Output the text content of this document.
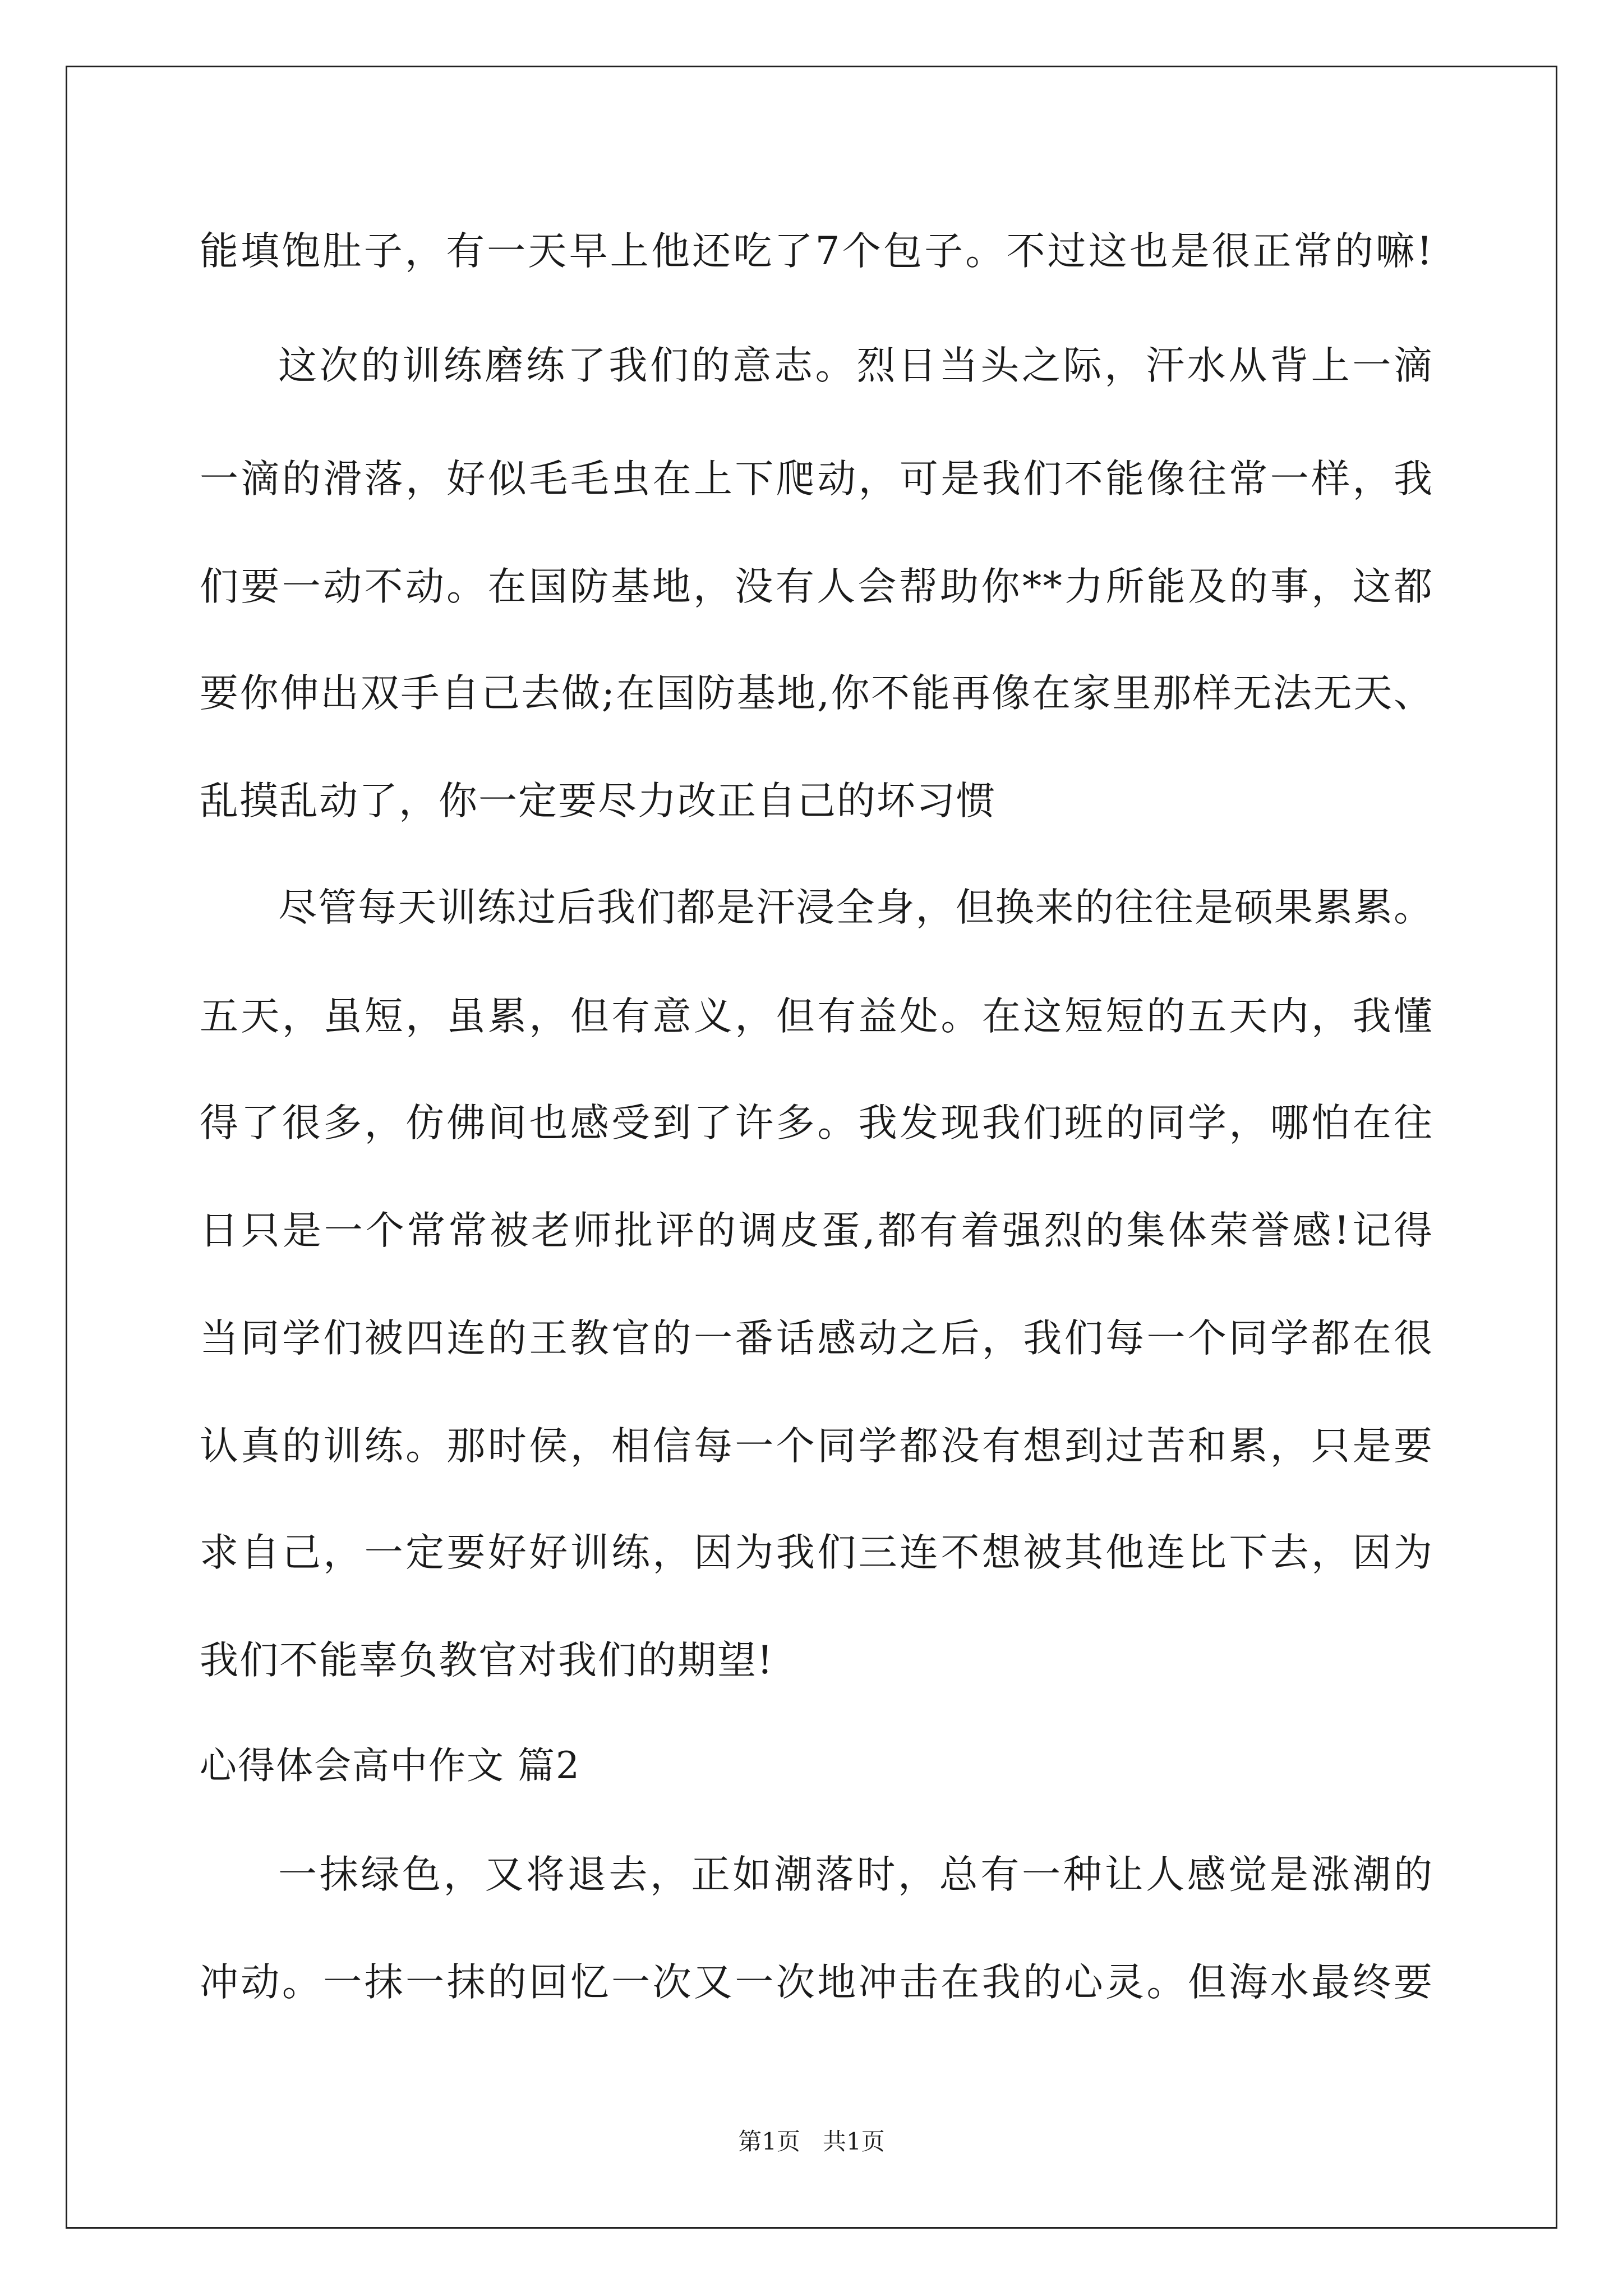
能填饱肚子，有一天早上他还吃了7个包子。不过这也是很正常的嘛!
这次的训练磨练了我们的意志。烈日当头之际，汗水从背上一滴
一滴的滑落，好似毛毛虫在上下爬动，可是我们不能像往常一样，我
们要一动不动。在国防基地，没有人会帮助你**力所能及的事，这都
要你伸出双手自己去做;在国防基地,你不能再像在家里那样无法无天、
乱摸乱动了，你一定要尽力改正自己的坏习惯
尽管每天训练过后我们都是汗浸全身，但换来的往往是硕果累累。
五天，虽短，虽累，但有意义，但有益处。在这短短的五天内，我懂
得了很多，仿佛间也感受到了许多。我发现我们班的同学，哪怕在往
日只是一个常常被老师批评的调皮蛋,都有着强烈的集体荣誉感!记得
当同学们被四连的王教官的一番话感动之后，我们每一个同学都在很
认真的训练。那时侯，相信每一个同学都没有想到过苦和累，只是要
求自己，一定要好好训练，因为我们三连不想被其他连比下去，因为
我们不能辜负教官对我们的期望!
心得体会高中作文 篇2
一抹绿色，又将退去，正如潮落时，总有一种让人感觉是涨潮的
冲动。一抹一抹的回忆一次又一次地冲击在我的心灵。但海水最终要
第1页   共1页
